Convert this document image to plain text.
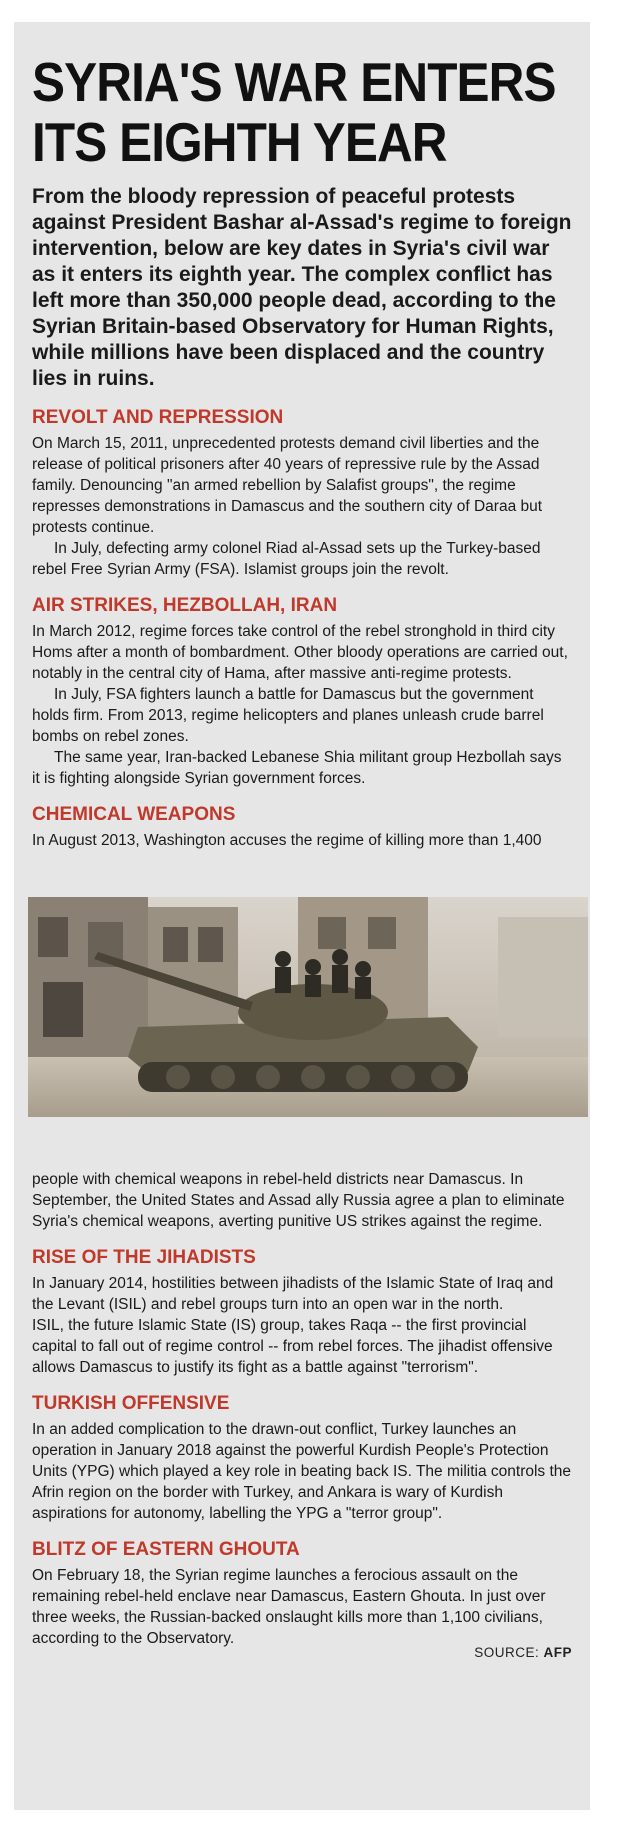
SYRIA'S WAR ENTERS ITS EIGHTH YEAR

From the bloody repression of peaceful protests against President Bashar al-Assad's regime to foreign intervention, below are key dates in Syria's civil war as it enters its eighth year. The complex conflict has left more than 350,000 people dead, according to the Syrian Britain-based Observatory for Human Rights, while millions have been displaced and the country lies in ruins.

REVOLT AND REPRESSION

On March 15, 2011, unprecedented protests demand civil liberties and the release of political prisoners after 40 years of repressive rule by the Assad family. Denouncing "an armed rebellion by Salafist groups", the regime represses demonstrations in Damascus and the southern city of Daraa but protests continue.

In July, defecting army colonel Riad al-Assad sets up the Turkey-based rebel Free Syrian Army (FSA). Islamist groups join the revolt.

AIR STRIKES, HEZBOLLAH, IRAN

In March 2012, regime forces take control of the rebel stronghold in third city Homs after a month of bombardment. Other bloody operations are carried out, notably in the central city of Hama, after massive anti-regime protests.

In July, FSA fighters launch a battle for Damascus but the government holds firm. From 2013, regime helicopters and planes unleash crude barrel bombs on rebel zones.

The same year, Iran-backed Lebanese Shia militant group Hezbollah says it is fighting alongside Syrian government forces.

CHEMICAL WEAPONS

In August 2013, Washington accuses the regime of killing more than 1,400

people with chemical weapons in rebel-held districts near Damascus. In September, the United States and Assad ally Russia agree a plan to eliminate Syria's chemical weapons, averting punitive US strikes against the regime.

RISE OF THE JIHADISTS

In January 2014, hostilities between jihadists of the Islamic State of Iraq and the Levant (ISIL) and rebel groups turn into an open war in the north.

ISIL, the future Islamic State (IS) group, takes Raqa -- the first provincial capital to fall out of regime control -- from rebel forces. The jihadist offensive allows Damascus to justify its fight as a battle against "terrorism".

TURKISH OFFENSIVE

In an added complication to the drawn-out conflict, Turkey launches an operation in January 2018 against the powerful Kurdish People's Protection Units (YPG) which played a key role in beating back IS. The militia controls the Afrin region on the border with Turkey, and Ankara is wary of Kurdish aspirations for autonomy, labelling the YPG a "terror group".

BLITZ OF EASTERN GHOUTA

On February 18, the Syrian regime launches a ferocious assault on the remaining rebel-held enclave near Damascus, Eastern Ghouta. In just over three weeks, the Russian-backed onslaught kills more than 1,100 civilians, according to the Observatory.

SOURCE: AFP
